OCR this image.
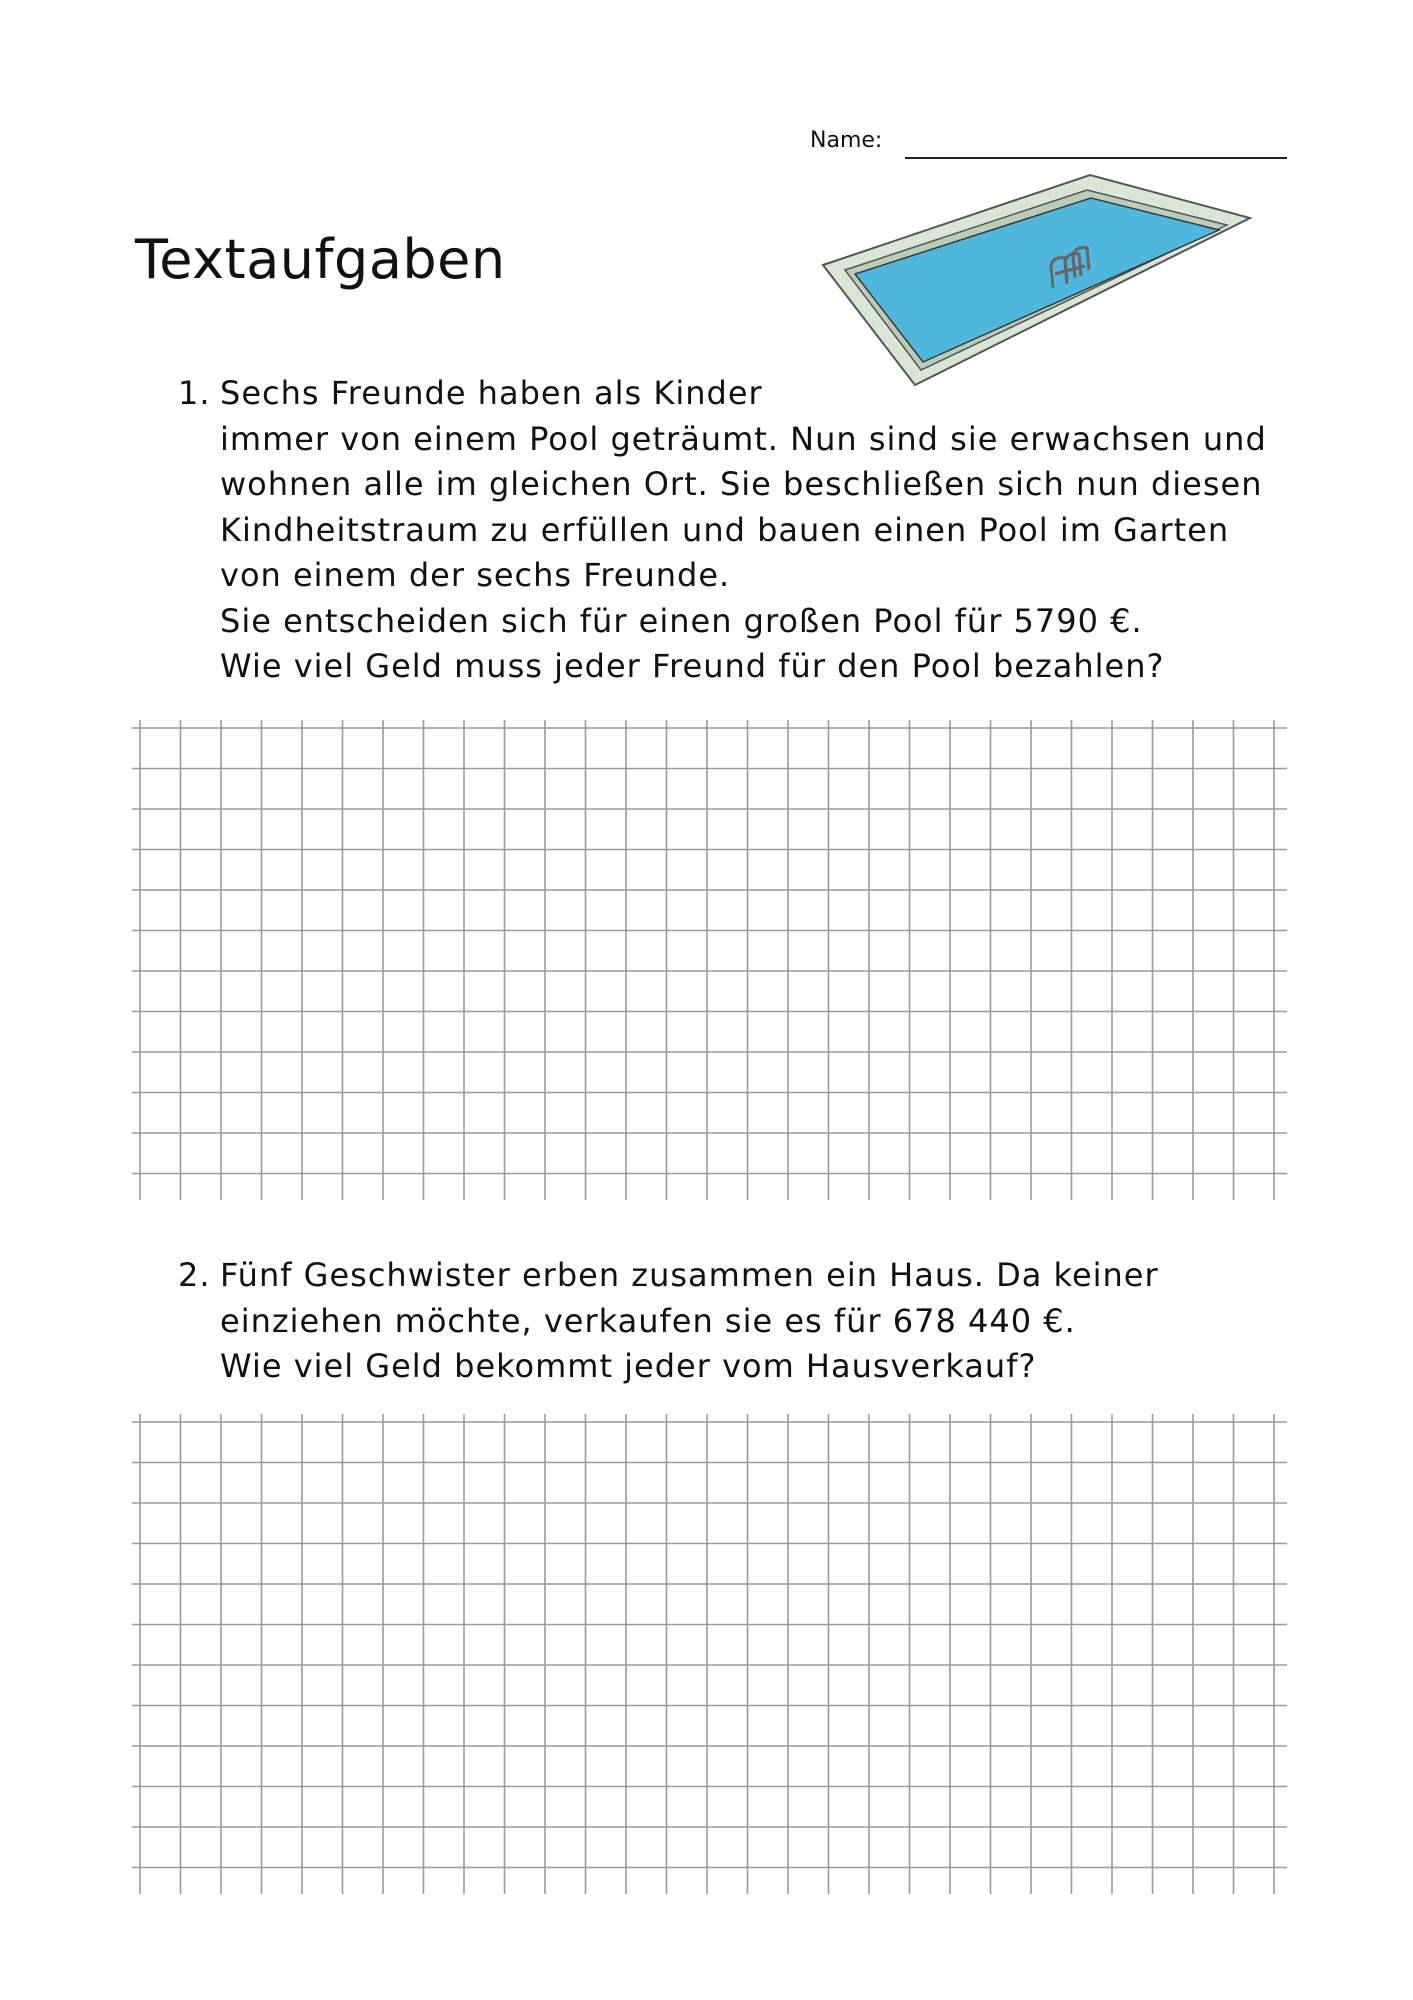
Name:
Textaufgaben
1. Sechs Freunde haben als Kinder
immer von einem Pool geträumt. Nun sind sie erwachsen und
wohnen alle im gleichen Ort. Sie beschließen sich nun diesen
Kindheitstraum zu erfüllen und bauen einen Pool im Garten
von einem der sechs Freunde.
Sie entscheiden sich für einen großen Pool für 5790 €.
Wie viel Geld muss jeder Freund für den Pool bezahlen?
2. Fünf Geschwister erben zusammen ein Haus. Da keiner
einziehen möchte, verkaufen sie es für 678 440 €.
Wie viel Geld bekommt jeder vom Hausverkauf?
